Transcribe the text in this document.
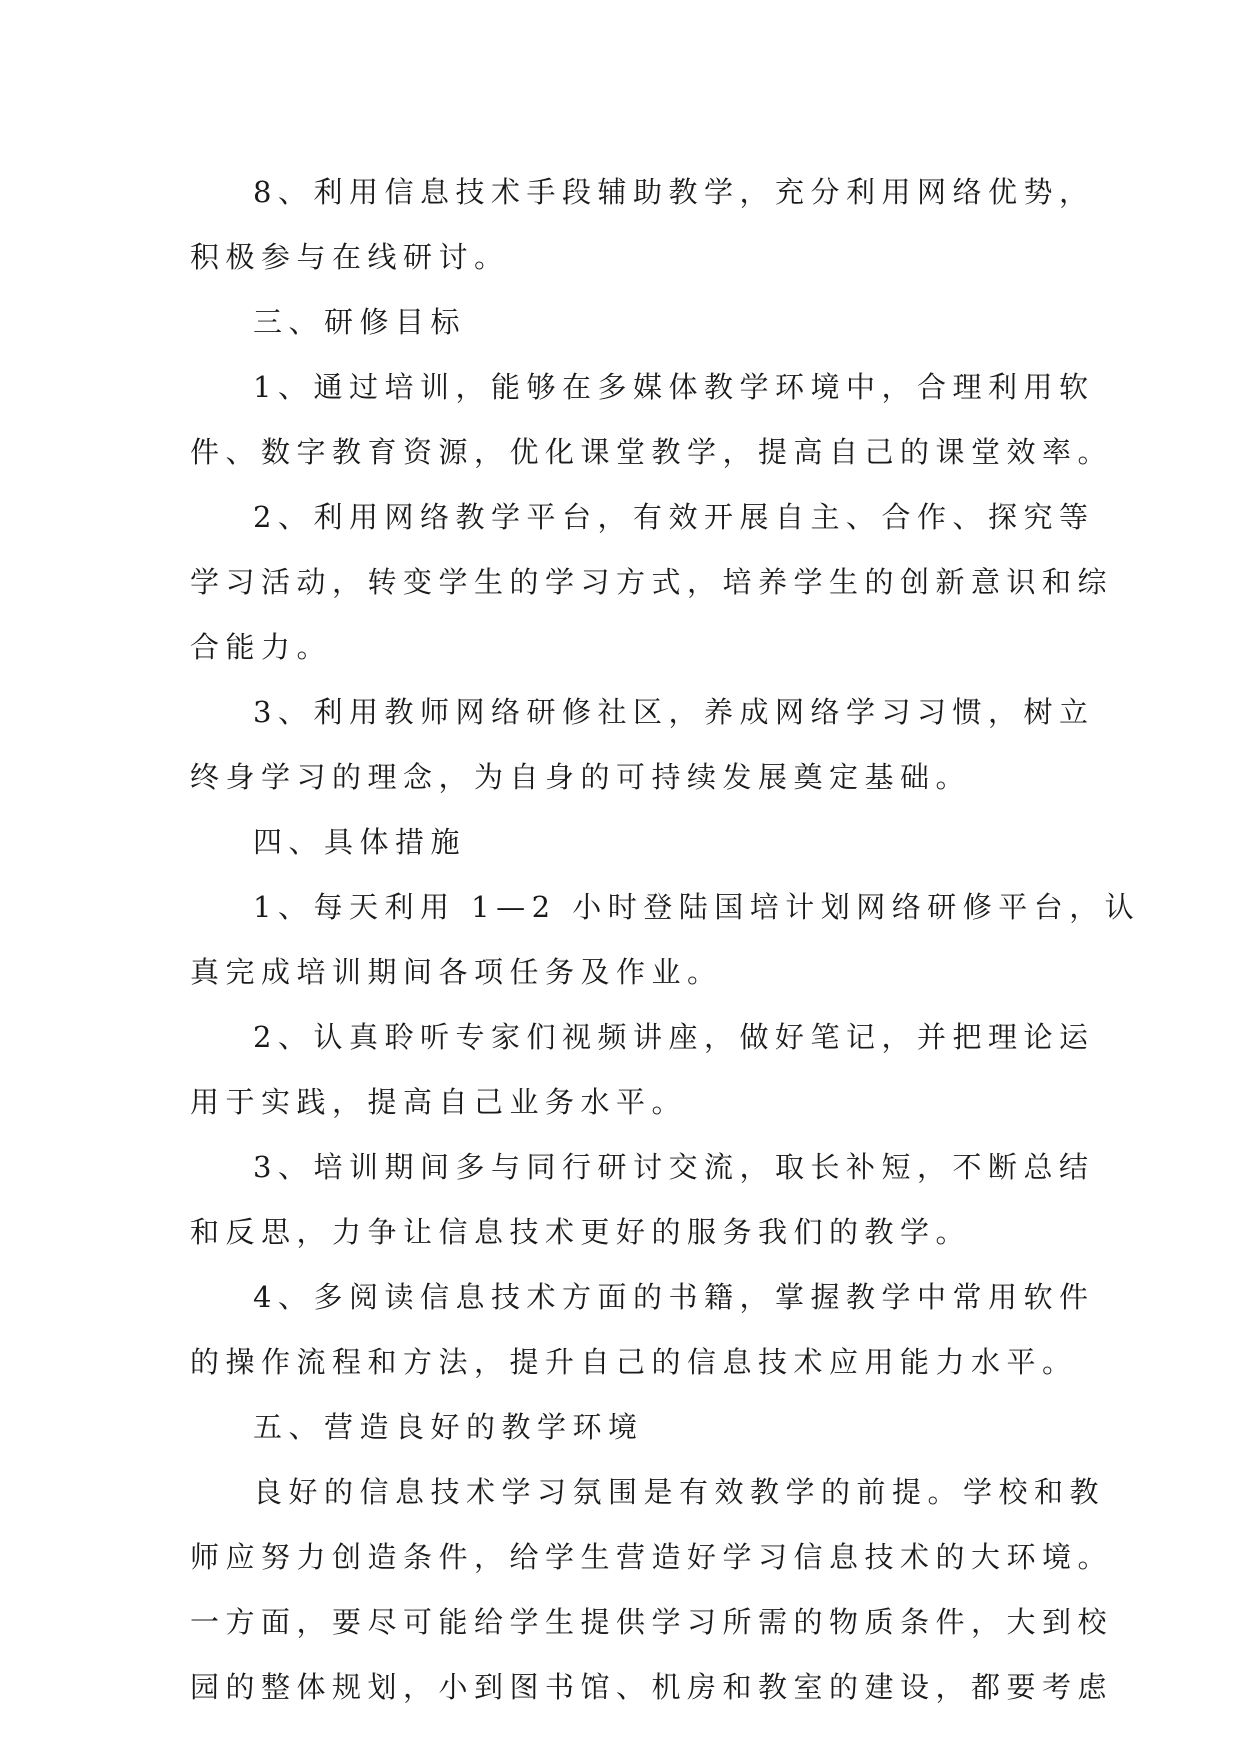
8、利用信息技术手段辅助教学，充分利用网络优势，
积极参与在线研讨。
三、研修目标
1、通过培训，能够在多媒体教学环境中，合理利用软
件、数字教育资源，优化课堂教学，提高自己的课堂效率。
2、利用网络教学平台，有效开展自主、合作、探究等
学习活动，转变学生的学习方式，培养学生的创新意识和综
合能力。
3、利用教师网络研修社区，养成网络学习习惯，树立
终身学习的理念，为自身的可持续发展奠定基础。
四、具体措施
1、每天利用 1—2 小时登陆国培计划网络研修平台，认
真完成培训期间各项任务及作业。
2、认真聆听专家们视频讲座，做好笔记，并把理论运
用于实践，提高自己业务水平。
3、培训期间多与同行研讨交流，取长补短，不断总结
和反思，力争让信息技术更好的服务我们的教学。
4、多阅读信息技术方面的书籍，掌握教学中常用软件
的操作流程和方法，提升自己的信息技术应用能力水平。
五、营造良好的教学环境
良好的信息技术学习氛围是有效教学的前提。学校和教
师应努力创造条件，给学生营造好学习信息技术的大环境。
一方面，要尽可能给学生提供学习所需的物质条件，大到校
园的整体规划，小到图书馆、机房和教室的建设，都要考虑
